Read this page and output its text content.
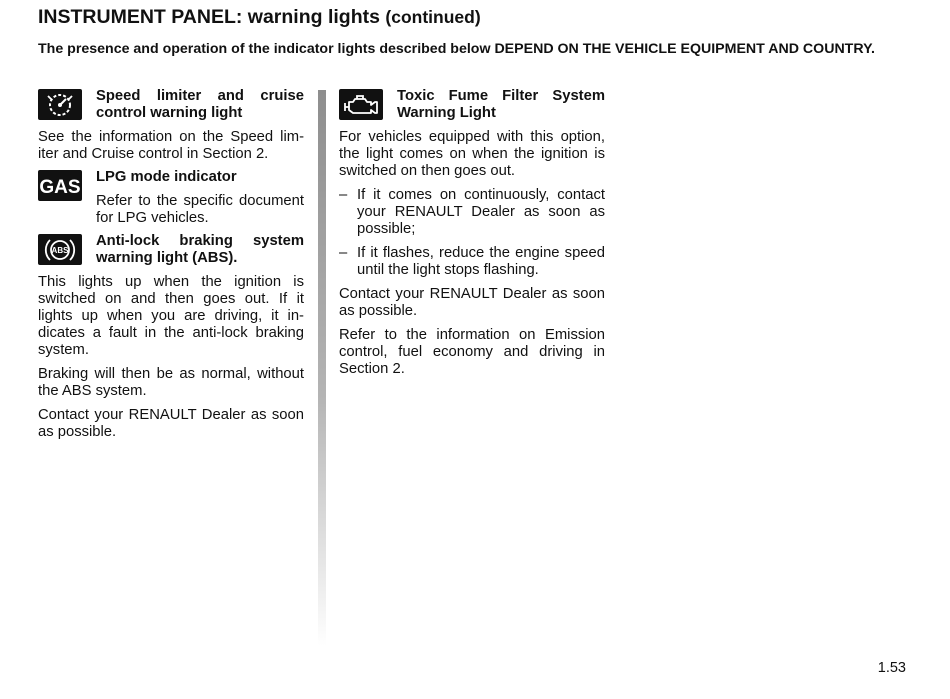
INSTRUMENT PANEL: warning lights (continued)
The presence and operation of the indicator lights described below DEPEND ON THE VEHICLE EQUIPMENT AND COUNTRY.
Speed limiter and cruise control warning light

See the information on the Speed lim-iter and Cruise control in Section 2.

GAS LPG mode indicator

Refer to the specific document for LPG vehicles.

ABS
Anti-lock braking system warning light (ABS).

This lights up when the ignition is switched on and then goes out. If it lights up when you are driving, it in-dicates a fault in the anti-lock braking system.

Braking will then be as normal, without the ABS system.

Contact your RENAULT Dealer as soon as possible.

Toxic Fume Filter System Warning Light

For vehicles equipped with this option, the light comes on when the ignition is switched on then goes out.

– If it comes on continuously, contact your RENAULT Dealer as soon as possible;
– If it flashes, reduce the engine speed until the light stops flashing.

Contact your RENAULT Dealer as soon as possible.

Refer to the information on Emission control, fuel economy and driving in Section 2.

1.53
